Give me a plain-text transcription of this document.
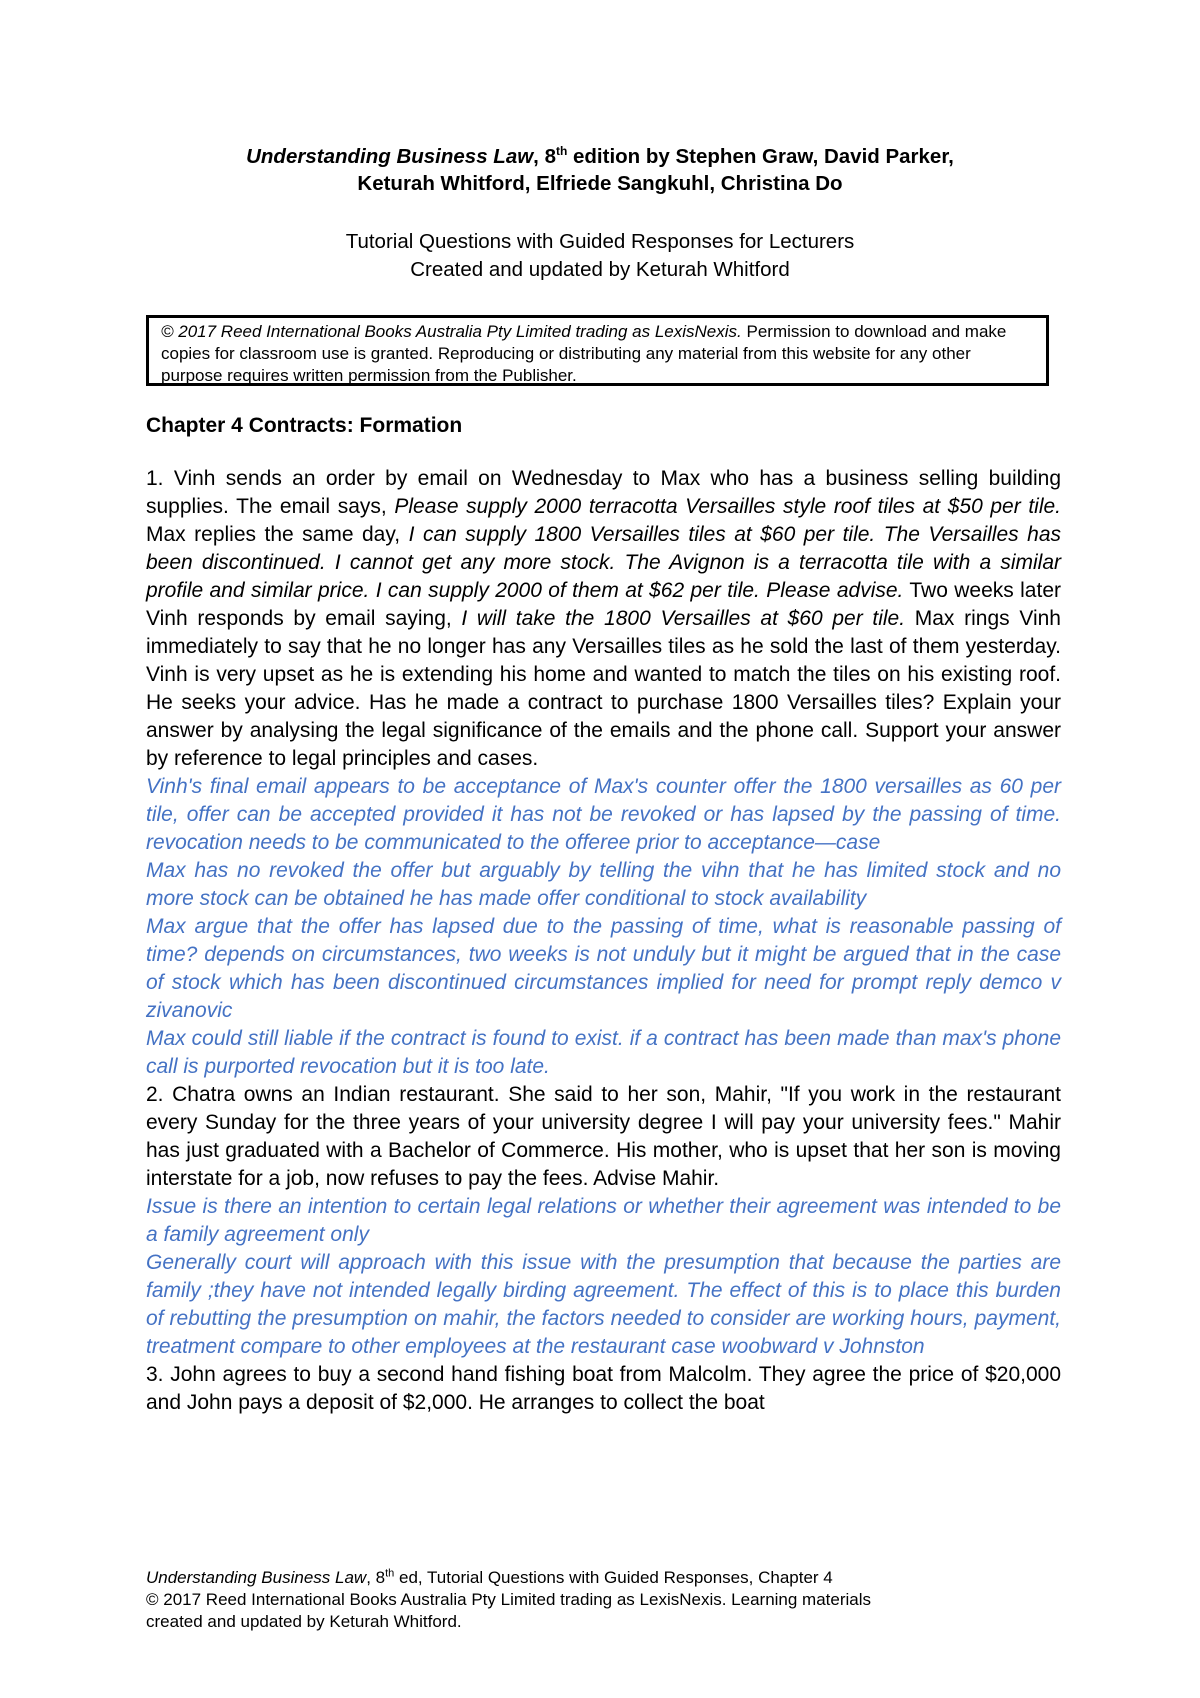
Understanding Business Law, 8th edition by Stephen Graw, David Parker,
Keturah Whitford, Elfriede Sangkuhl, Christina Do
Tutorial Questions with Guided Responses for Lecturers
Created and updated by Keturah Whitford
© 2017 Reed International Books Australia Pty Limited trading as LexisNexis. Permission to download and make copies for classroom use is granted. Reproducing or distributing any material from this website for any other purpose requires written permission from the Publisher.
Chapter 4 Contracts: Formation

1. Vinh sends an order by email on Wednesday to Max who has a business selling building supplies. The email says, Please supply 2000 terracotta Versailles style roof tiles at $50 per tile. Max replies the same day, I can supply 1800 Versailles tiles at $60 per tile. The Versailles has been discontinued. I cannot get any more stock. The Avignon is a terracotta tile with a similar profile and similar price. I can supply 2000 of them at $62 per tile. Please advise. Two weeks later Vinh responds by email saying, I will take the 1800 Versailles at $60 per tile. Max rings Vinh immediately to say that he no longer has any Versailles tiles as he sold the last of them yesterday. Vinh is very upset as he is extending his home and wanted to match the tiles on his existing roof. He seeks your advice. Has he made a contract to purchase 1800 Versailles tiles? Explain your answer by analysing the legal significance of the emails and the phone call. Support your answer by reference to legal principles and cases.

Vinh's final email appears to be acceptance of Max's counter offer the 1800 versailles as 60 per tile, offer can be accepted provided it has not be revoked or has lapsed by the passing of time. revocation needs to be communicated to the offeree prior to acceptance—case

Max has no revoked the offer but arguably by telling the vihn that he has limited stock and no more stock can be obtained he has made offer conditional to stock availability

Max argue that the offer has lapsed due to the passing of time, what is reasonable passing of time? depends on circumstances, two weeks is not unduly but it might be argued that in the case of stock which has been discontinued circumstances implied for need for prompt reply demco v zivanovic

Max could still liable if the contract is found to exist. if a contract has been made than max's phone call is purported revocation but it is too late.

2. Chatra owns an Indian restaurant. She said to her son, Mahir, "If you work in the restaurant every Sunday for the three years of your university degree I will pay your university fees." Mahir has just graduated with a Bachelor of Commerce. His mother, who is upset that her son is moving interstate for a job, now refuses to pay the fees. Advise Mahir.

Issue is there an intention to certain legal relations or whether their agreement was intended to be a family agreement only

Generally court will approach with this issue with the presumption that because the parties are family ;they have not intended legally birding agreement. The effect of this is to place this burden of rebutting the presumption on mahir, the factors needed to consider are working hours, payment, treatment compare to other employees at the restaurant case woobward v Johnston

3. John agrees to buy a second hand fishing boat from Malcolm. They agree the price of $20,000 and John pays a deposit of $2,000. He arranges to collect the boat

Understanding Business Law, 8th ed, Tutorial Questions with Guided Responses, Chapter 4
© 2017 Reed International Books Australia Pty Limited trading as LexisNexis. Learning materials
created and updated by Keturah Whitford.
